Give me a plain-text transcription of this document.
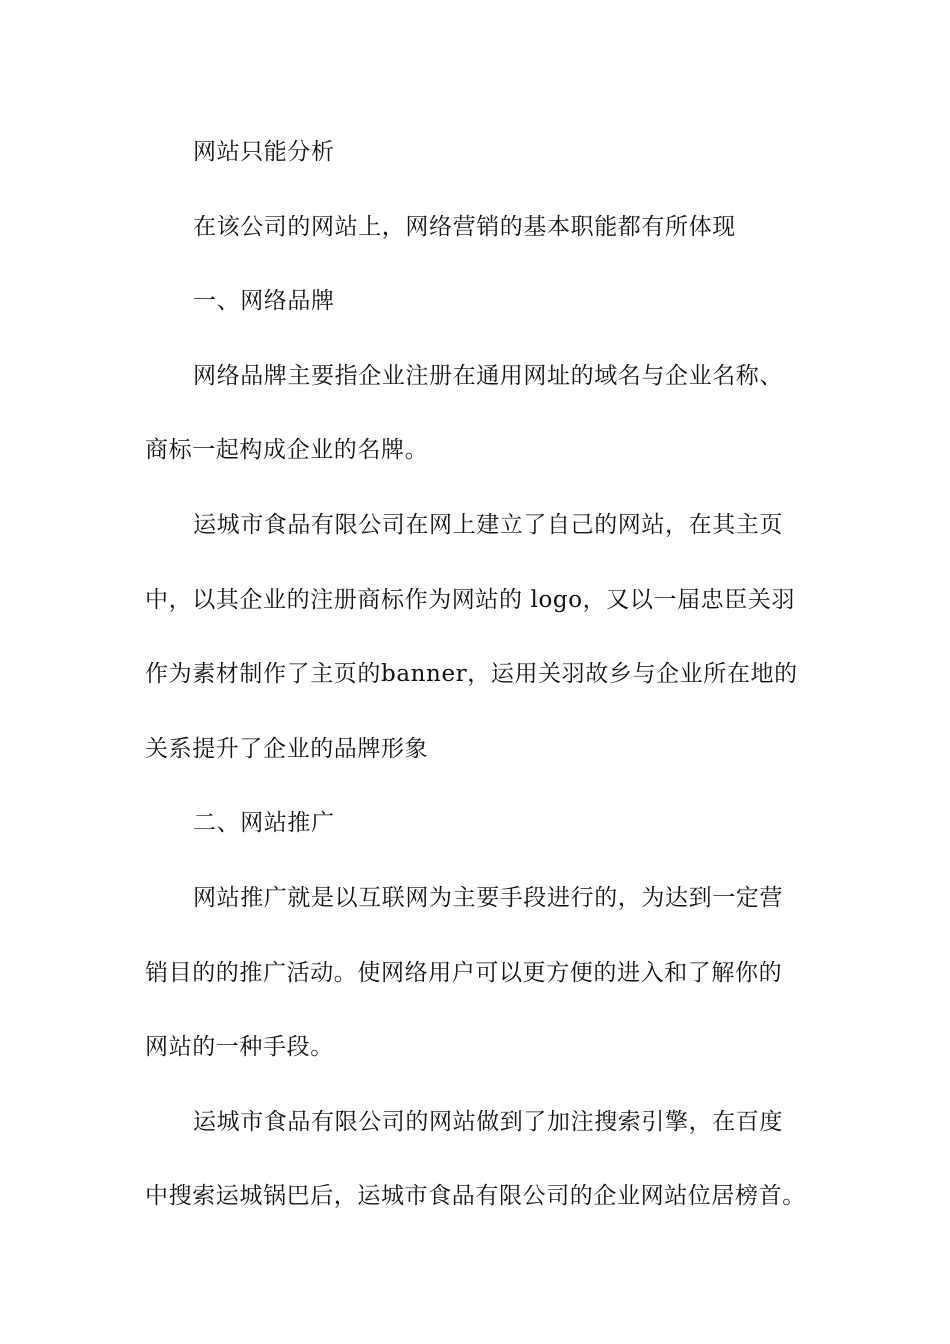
网站只能分析
在该公司的网站上，网络营销的基本职能都有所体现
一、网络品牌
网络品牌主要指企业注册在通用网址的域名与企业名称、
商标一起构成企业的名牌。
运城市食品有限公司在网上建立了自己的网站，在其主页
中，以其企业的注册商标作为网站的 logo，又以一届忠臣关羽
作为素材制作了主页的banner，运用关羽故乡与企业所在地的
关系提升了企业的品牌形象
二、网站推广
网站推广就是以互联网为主要手段进行的，为达到一定营
销目的的推广活动。使网络用户可以更方便的进入和了解你的
网站的一种手段。
运城市食品有限公司的网站做到了加注搜索引擎，在百度
中搜索运城锅巴后，运城市食品有限公司的企业网站位居榜首。
